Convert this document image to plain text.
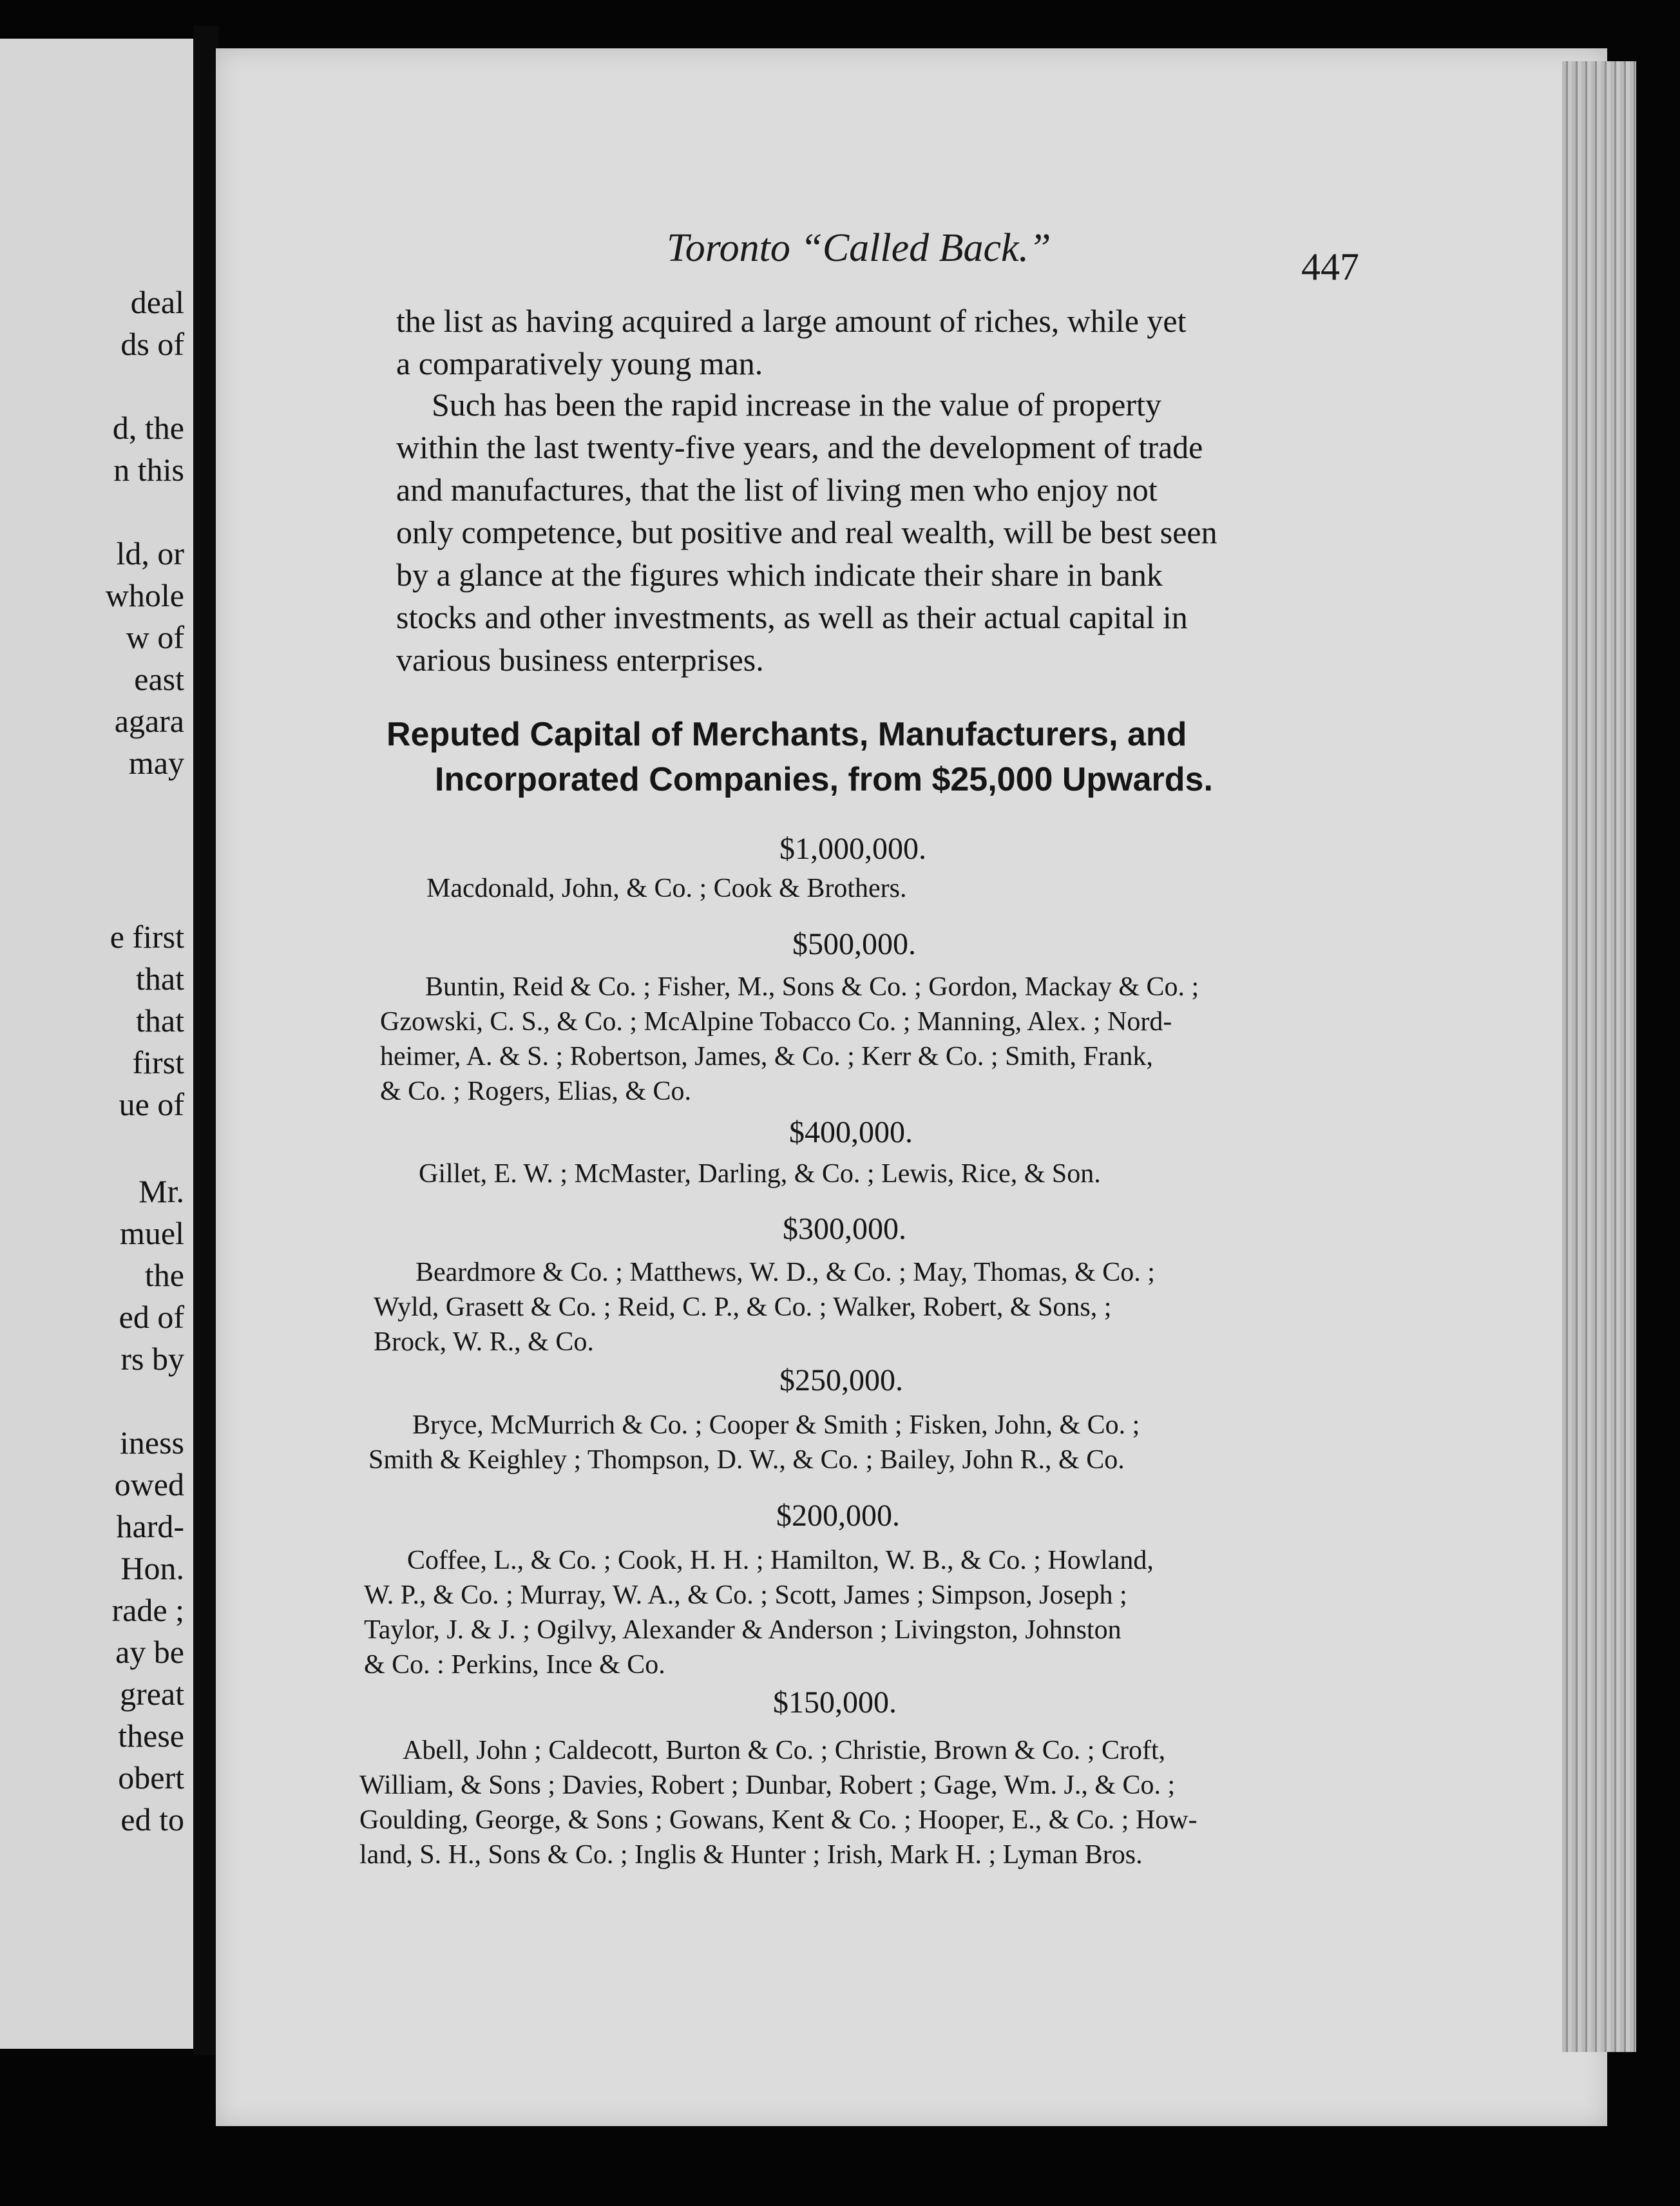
deal
ds of
d, the
n this
ld, or
whole
w of
east
agara
may
e first
that
that
first
ue of
Mr.
muel
the
ed of
rs by
iness
owed
hard-
Hon.
rade ;
ay be
great
these
obert
ed to
Toronto “Called Back.”	447
the list as having acquired a large amount of riches, while yet
a comparatively young man.
Such has been the rapid increase in the value of property
within the last twenty-five years, and the development of trade
and manufactures, that the list of living men who enjoy not
only competence, but positive and real wealth, will be best seen
by a glance at the figures which indicate their share in bank
stocks and other investments, as well as their actual capital in
various business enterprises.
Reputed Capital of Merchants, Manufacturers, and
Incorporated Companies, from $25,000 Upwards.
$1,000,000.
Macdonald, John, & Co. ; Cook & Brothers.
$500,000.
Buntin, Reid & Co. ; Fisher, M., Sons & Co. ; Gordon, Mackay & Co. ;
Gzowski, C. S., & Co. ; McAlpine Tobacco Co. ; Manning, Alex. ; Nord-
heimer, A. & S. ; Robertson, James, & Co. ; Kerr & Co. ; Smith, Frank,
& Co. ; Rogers, Elias, & Co.
$400,000.
Gillet, E. W. ; McMaster, Darling, & Co. ; Lewis, Rice, & Son.
$300,000.
Beardmore & Co. ; Matthews, W. D., & Co. ; May, Thomas, & Co. ;
Wyld, Grasett & Co. ; Reid, C. P., & Co. ; Walker, Robert, & Sons, ;
Brock, W. R., & Co.
$250,000.
Bryce, McMurrich & Co. ; Cooper & Smith ; Fisken, John, & Co. ;
Smith & Keighley ; Thompson, D. W., & Co. ; Bailey, John R., & Co.
$200,000.
Coffee, L., & Co. ; Cook, H. H. ; Hamilton, W. B., & Co. ; Howland,
W. P., & Co. ; Murray, W. A., & Co. ; Scott, James ; Simpson, Joseph ;
Taylor, J. & J. ; Ogilvy, Alexander & Anderson ; Livingston, Johnston
& Co. : Perkins, Ince & Co.
$150,000.
Abell, John ; Caldecott, Burton & Co. ; Christie, Brown & Co. ; Croft,
William, & Sons ; Davies, Robert ; Dunbar, Robert ; Gage, Wm. J., & Co. ;
Goulding, George, & Sons ; Gowans, Kent & Co. ; Hooper, E., & Co. ; How-
land, S. H., Sons & Co. ; Inglis & Hunter ; Irish, Mark H. ; Lyman Bros.
